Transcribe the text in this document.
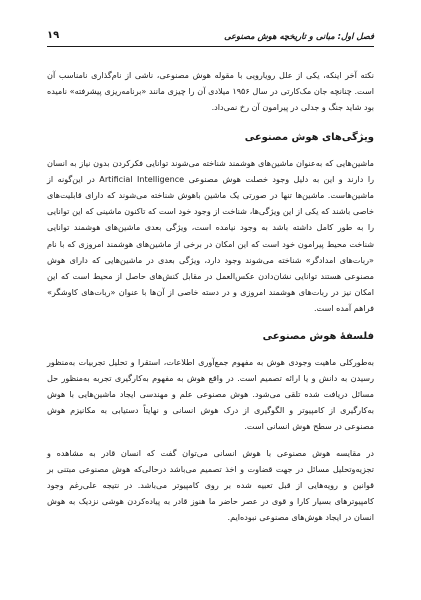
فصل اول: مبانی و تاریخچه هوش مصنوعی
۱۹

نکته آخر اینکه، یکی از علل رویارویی با مقوله هوش مصنوعی، ناشی از نام‌گذاری نامناسب آن است. چنانچه جان مک‌کارتی در سال ۱۹۵۶ میلادی آن را چیزی مانند «برنامه‌ریزی پیشرفته» نامیده بود شاید جنگ و جدلی در پیرامون آن رخ نمی‌داد.

ویژگی‌های هوش مصنوعی

ماشین‌هایی که به‌عنوان ماشین‌های هوشمند شناخته می‌شوند توانایی فکرکردن بدون نیاز به انسان را دارند و این به دلیل وجود خصلت هوش مصنوعی Artificial Intelligence در این‌گونه از ماشین‌هاست. ماشین‌ها تنها در صورتی یک ماشین باهوش شناخته می‌شوند که دارای قابلیت‌های خاصی باشند که یکی از این ویژگی‌ها، شناخت از وجود خود است که تاکنون ماشینی که این توانایی را به طور کامل داشته باشد به وجود نیامده است، ویژگی بعدی ماشین‌های هوشمند توانایی شناخت محیط پیرامون خود است که این امکان در برخی از ماشین‌های هوشمند امروزی که با نام «ربات‌های امدادگر» شناخته می‌شوند وجود دارد، ویژگی بعدی در ماشین‌هایی که دارای هوش مصنوعی هستند توانایی نشان‌دادن عکس‌العمل در مقابل کنش‌های حاصل از محیط است که این امکان نیز در ربات‌های هوشمند امروزی و در دسته خاصی از آن‌ها با عنوان «ربات‌های کاوشگر» فراهم آمده است.

فلسفهٔ هوش مصنوعی

به‌طورکلی ماهیت وجودی هوش به مفهوم جمع‌آوری اطلاعات، استقرا و تحلیل تجربیات به‌منظور رسیدن به دانش و یا ارائه تصمیم است. در واقع هوش به مفهوم به‌کارگیری تجربه به‌منظور حل مسائل دریافت شده تلقی می‌شود. هوش مصنوعی علم و مهندسی ایجاد ماشین‌هایی با هوش به‌کارگیری از کامپیوتر و الگوگیری از درک هوش انسانی و نهایتاً دستیابی به مکانیزم هوش مصنوعی در سطح هوش انسانی است.

در مقایسه هوش مصنوعی با هوش انسانی می‌توان گفت که انسان قادر به مشاهده و تجزیه‌وتحلیل مسائل در جهت قضاوت و اخذ تصمیم می‌باشد درحالی‌که هوش مصنوعی مبتنی بر قوانین و رویه‌هایی از قبل تعبیه شده بر روی کامپیوتر می‌باشد. در نتیجه علی‌رغم وجود کامپیوترهای بسیار کارا و قوی در عصر حاضر ما هنوز قادر به پیاده‌کردن هوشی نزدیک به هوش انسان در ایجاد هوش‌های مصنوعی نبوده‌ایم.
